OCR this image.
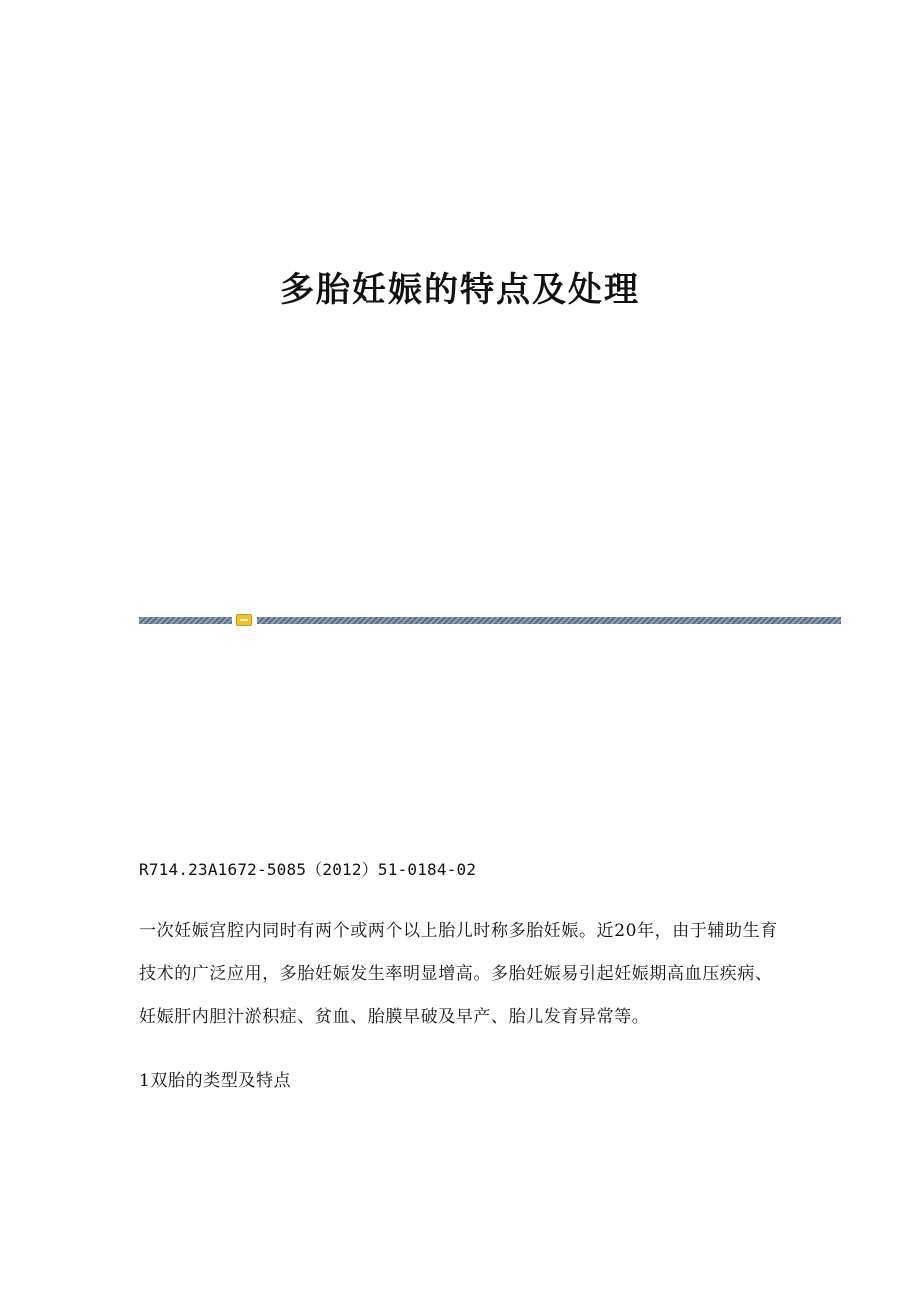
多胎妊娠的特点及处理
R714.23A1672-5085（2012）51-0184-02
一次妊娠宫腔内同时有两个或两个以上胎儿时称多胎妊娠。近20年，由于辅助生育技术的广泛应用，多胎妊娠发生率明显增高。多胎妊娠易引起妊娠期高血压疾病、妊娠肝内胆汁淤积症、贫血、胎膜早破及早产、胎儿发育异常等。
1双胎的类型及特点
